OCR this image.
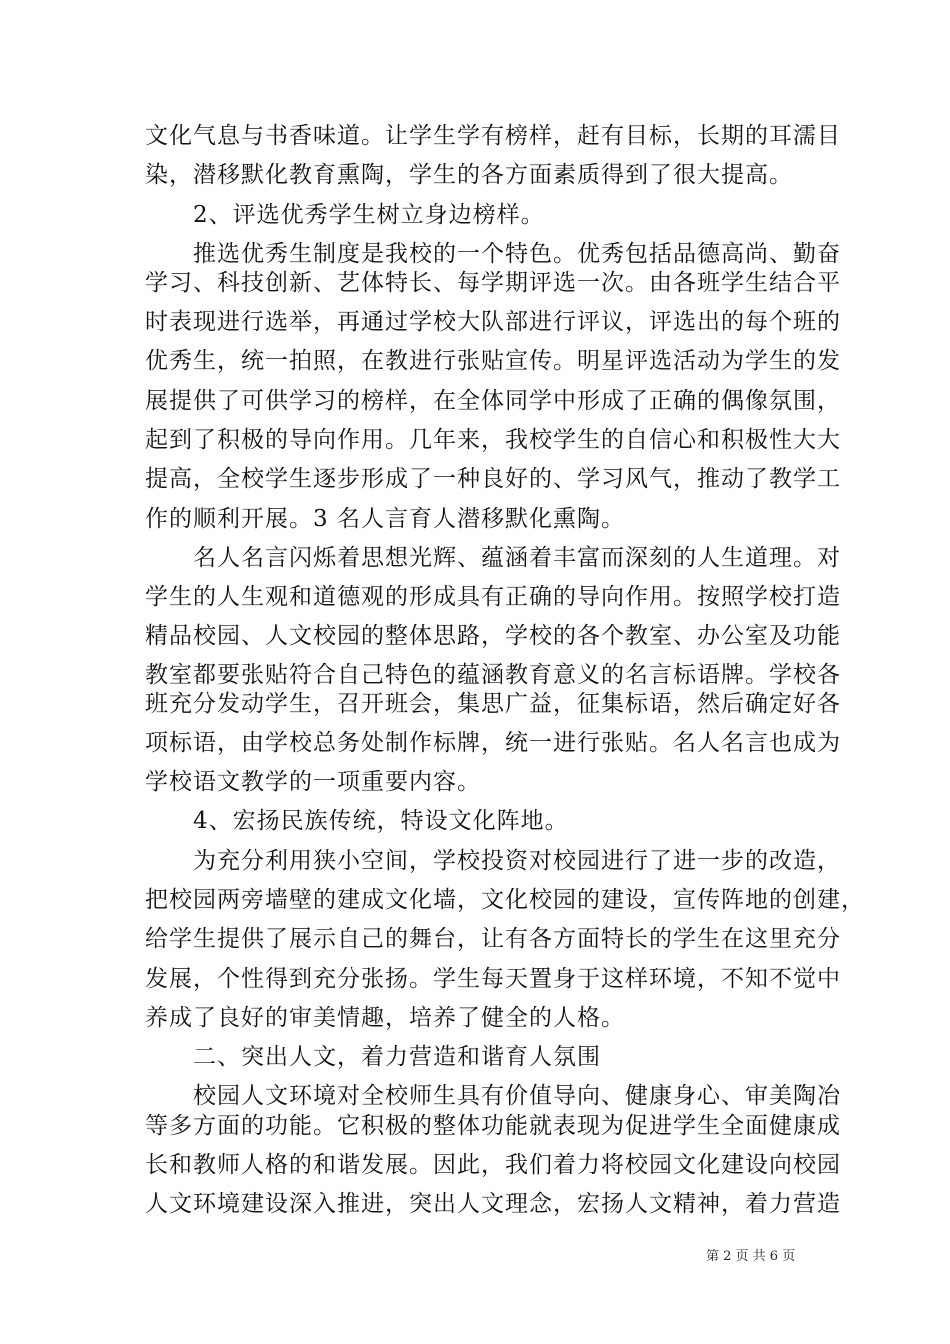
文化气息与书香味道。让学生学有榜样，赶有目标，长期的耳濡目
染，潜移默化教育熏陶，学生的各方面素质得到了很大提高。
　　2、评选优秀学生树立身边榜样。
　　推选优秀生制度是我校的一个特色。优秀包括品德高尚、勤奋
学习、科技创新、艺体特长、每学期评选一次。由各班学生结合平
时表现进行选举，再通过学校大队部进行评议，评选出的每个班的
优秀生，统一拍照，在教进行张贴宣传。明星评选活动为学生的发
展提供了可供学习的榜样，在全体同学中形成了正确的偶像氛围，
起到了积极的导向作用。几年来，我校学生的自信心和积极性大大
提高，全校学生逐步形成了一种良好的、学习风气，推动了教学工
作的顺利开展。3 名人言育人潜移默化熏陶。
　　名人名言闪烁着思想光辉、蕴涵着丰富而深刻的人生道理。对
学生的人生观和道德观的形成具有正确的导向作用。按照学校打造
精品校园、人文校园的整体思路，学校的各个教室、办公室及功能
教室都要张贴符合自己特色的蕴涵教育意义的名言标语牌。学校各
班充分发动学生，召开班会，集思广益，征集标语，然后确定好各
项标语，由学校总务处制作标牌，统一进行张贴。名人名言也成为
学校语文教学的一项重要内容。
　　4、宏扬民族传统，特设文化阵地。
　　为充分利用狭小空间，学校投资对校园进行了进一步的改造，
把校园两旁墙壁的建成文化墙，文化校园的建设，宣传阵地的创建，
给学生提供了展示自己的舞台，让有各方面特长的学生在这里充分
发展，个性得到充分张扬。学生每天置身于这样环境，不知不觉中
养成了良好的审美情趣，培养了健全的人格。
　　二、突出人文，着力营造和谐育人氛围
　　校园人文环境对全校师生具有价值导向、健康身心、审美陶冶
等多方面的功能。它积极的整体功能就表现为促进学生全面健康成
长和教师人格的和谐发展。因此，我们着力将校园文化建设向校园
人文环境建设深入推进，突出人文理念，宏扬人文精神，着力营造
第 2 页 共 6 页
